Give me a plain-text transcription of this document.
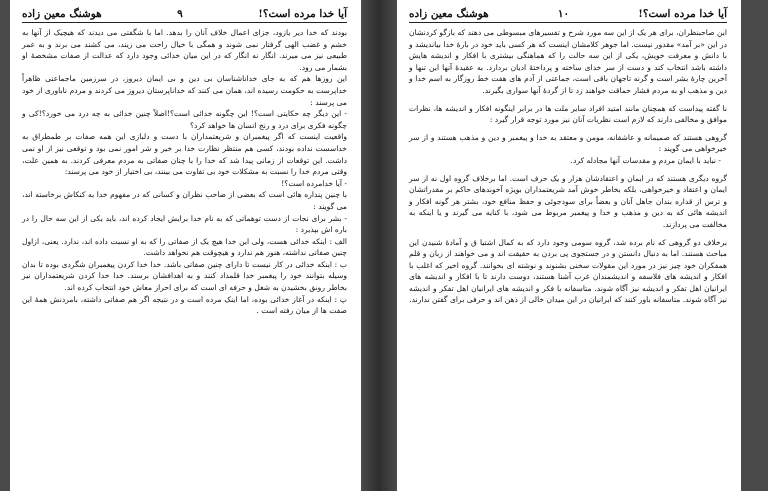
آیا خدا مرده است؟!
۹
هوشنگ معین زاده

بودند که خدا دیر یازود، جزای اعمال خلاف آنان را بدهد. اما با شگفتی می دیدند که هیچیک از آنها به خشم و غضب الهی گرفتار نمی شوند و همگی با خیال راحت می زیند، می کشند می برند و به عمر طبیعی نیز می میرند. انگار نه انگار که در این میان خدائی وجود دارد که عدالت از صفات مشخصهٔ او بشمار می رود.

این روزها هم که به جای خداناشناسان بی دین و بی ایمان دیروز، در سرزمین ماجماعتی ظاهراً خداپرست به حکومت رسیده اند، همان می کنند که خداناپرستان دیروز می کردند و مردم ناباوری از خود می پرسند :

- این دیگر چه حکایتی است؟! این چگونه خدائی است؟!اصلاً چنین خدائی به چه درد می خورد؟!کی و چگونه فکری برای درد و رنج انسان ها خواهد کرد؟

واقعیت اینست که اگر پیغمبران و شریعتمداران با دست و دلبازی این همه صفات بر طمطراق به خداسست نداده بودند، کسی هم منتظر نظارت خدا بر خیر و شر امور نمی بود و توقعی نیز از او نمی داشت. این توقعات از زمانی پیدا شد که خدا را با چنان صفاتی به مردم معرفی کردند. به همین علت، وقتی مردم خدا را نسبت به مشکلات خود بی تفاوت می بینند، بی اختیار از خود می پرسند:

- آیا خدامرده است؟!

با چنین پنداره هائی است که بعضی از صاحب نظران و کسانی که در مفهوم خدا به کنکاش برخاسته اند، می گویند :

- بشر برای نجات از دست توهماتی که به نام خدا برایش ایجاد کرده اند، باید یکی از این سه حال را در باره اش بپذیرد :

الف : اینکه خدائی هست، ولی این خدا هیچ یک از صفاتی را که به او نسبت داده اند، ندارد. یعنی، ازاول چنین صفاتی نداشته، هنوز هم ندارد و هیچوقت هم نخواهد داشت.

ب : اینکه خدائی در کار نیست تا دارای چنین صفاتی باشد. خدا خدا کردن پیغمبران شگردی بوده تا بدان وسیله بتوانند خود را پیغمبر خدا قلمداد کنند و به اهدافشان برسند. خدا خدا کردن شریعتمداران نیز بخاطر رونق بخشیدن به شغل و حرفه ای است که برای احراز معاش خود انتخاب کرده اند.

پ : اینکه در آغاز خدائی بوده، اما اینک مرده است و در نتیجه اگر هم صفاتی داشته، بامردنش همهٔ این صفت ها از میان رفته است .

آیا خدا مرده است؟!
۱۰
هوشنگ معین زاده

این صاحبنظران، برای هر یک از این سه مورد شرح و تفسیرهای مبسوطی می دهند که بازگو کردنشان در این «بر آمد» مقدور نیست. اما جوهر کلامشان اینست که هر کسی باید خود در بارهٔ خدا بیاندیشد و با دانش و معرفت خویش، یکی از این سه حالت را که هماهنگی بیشتری با افکار و اندیشه هایش داشته باشد انتخاب کند و دست از سر خدای ساخته و پرداختهٔ ادیان بردارد. به عقیدهٔ آنها این تنها و آخرین چارهٔ بشر است و گرنه تاجهان باقی است، جماعتی از آدم های هفت خط روزگار به اسم خدا و دین و مذهب او به مردم فشار حماقت خواهند زد تا از گردهٔ آنها سواری بگیرند.

نا گفته پیداست که همچنان مانند امتید افراد سایر ملت ها در برابر اینگونه افکار و اندیشه ها، نظرات موافق و مخالفی دارند که لازم است نظریات آنان نیز مورد توجه قرار گیرد :

گروهی هستند که صمیمانه و عاشقانه، مومن و معتقد به خدا و پیغمبر و دین و مذهب هستند و از سر خیرخواهی می گویند :

- نباید با ایمان مردم و مقدسات آنها مجادله کرد.

گروه دیگری هستند که در ایمان و اعتقادشان هزار و یک حرف است. اما برخلاف گروه اول نه از سر ایمان و اعتقاد و خیرخواهی، بلکه بخاطر خوش آمد شریعتمداران بویژه آخوندهای حاکم بر مقدراتشان و ترس از قداره بندان جاهل آنان و بعضاً برای سودجوئی و حفظ منافع خود، بشتر هر گونه افکار و اندیشه هائی که به دین و مذهب و خدا و پیغمبر مربوط می شود، با کنایه می گیرند و یا اینکه به مخالفت می پردازند.

برخلاف دو گروهی که نام برده شد، گروه سومی وجود دارد که به کمال اشتیا ق و آمادهٔ شنیدن این مباحث هستند. اما به دنبال دانستن و در جستجوی پی بردن به حقیقت اند و می خواهند از زبان و قلم همفکران خود چیز نیز در مورد این مقولات سخنی بشنوند و نوشته ای بخوانند. گروه اخیر که اغلب با افکار و اندیشه های فلاسفه و اندیشمندان غرب آشنا هستند، دوست دارند تا با افکار و اندیشه های ایرانیان اهل تفکر و اندیشه نیز آگاه شوند. متاسفانه با فکر و اندیشه های ایرانیان اهل تفکر و اندیشه نیز آگاه شوند. متاسفانه باور کنند که ایرانیان در این میدان خالی از ذهن اند و حرفی برای گفتن ندارند.
